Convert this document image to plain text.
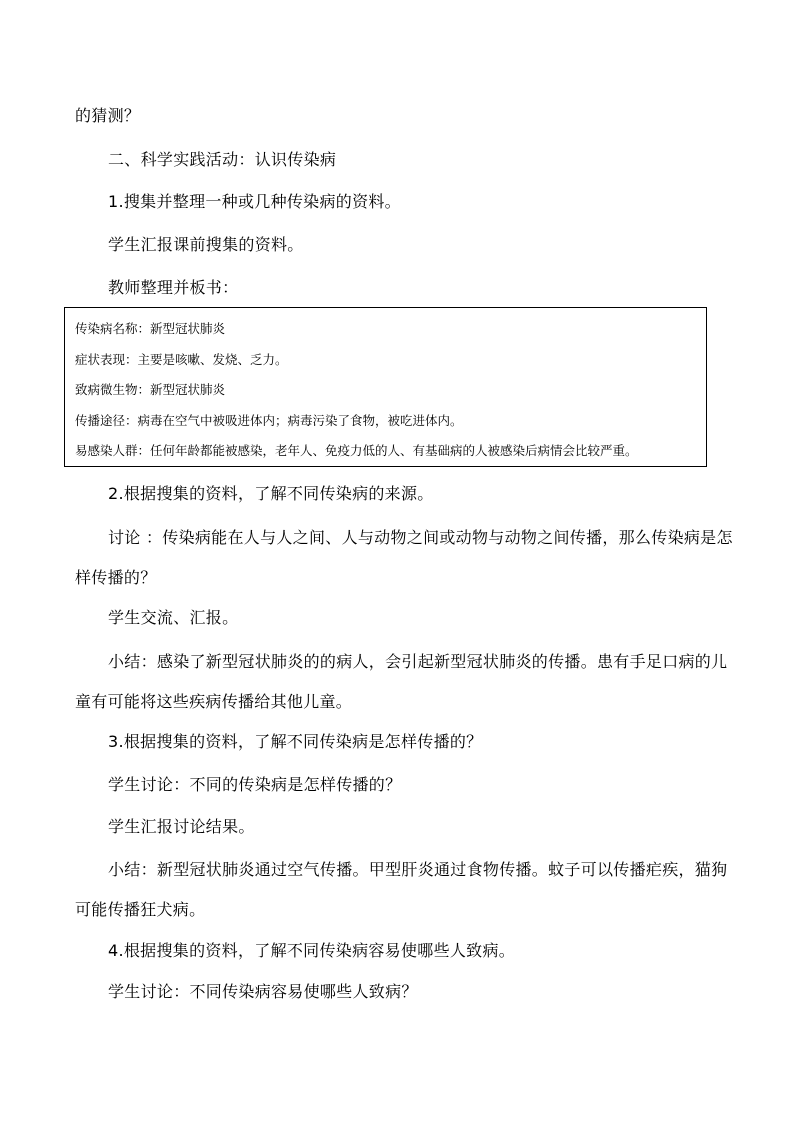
的猜测？

二、科学实践活动：认识传染病

1.搜集并整理一种或几种传染病的资料。

学生汇报课前搜集的资料。

教师整理并板书：

传染病名称：新型冠状肺炎

症状表现：主要是咳嗽、发烧、乏力。

致病微生物：新型冠状肺炎

传播途径：病毒在空气中被吸进体内；病毒污染了食物，被吃进体内。

易感染人群：任何年龄都能被感染，老年人、免疫力低的人、有基础病的人被感染后病情会比较严重。

2.根据搜集的资料，了解不同传染病的来源。

讨论 ：传染病能在人与人之间、人与动物之间或动物与动物之间传播，那么传染病是怎样传播的？

学生交流、汇报。

小结：感染了新型冠状肺炎的的病人，会引起新型冠状肺炎的传播。患有手足口病的儿童有可能将这些疾病传播给其他儿童。

3.根据搜集的资料，了解不同传染病是怎样传播的？

学生讨论：不同的传染病是怎样传播的？

学生汇报讨论结果。

小结：新型冠状肺炎通过空气传播。甲型肝炎通过食物传播。蚊子可以传播疟疾，猫狗可能传播狂犬病。

4.根据搜集的资料，了解不同传染病容易使哪些人致病。

学生讨论：不同传染病容易使哪些人致病？
